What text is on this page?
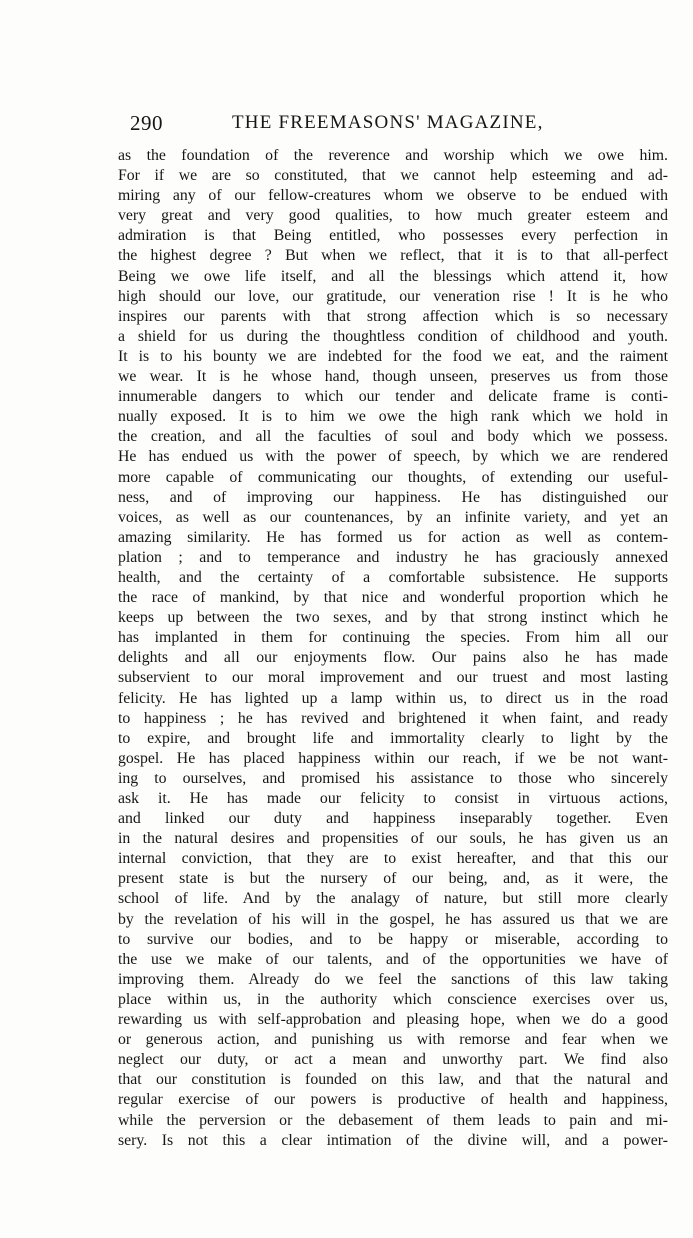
290	THE FREEMASONS' MAGAZINE,
as the foundation of the reverence and worship which we owe him.
For if we are so constituted, that we cannot help esteeming and ad-
miring any of our fellow-creatures whom we observe to be endued with
very great and very good qualities, to how much greater esteem and
admiration is that Being entitled, who possesses every perfection in
the highest degree ? But when we reflect, that it is to that all-perfect
Being we owe life itself, and all the blessings which attend it, how
high should our love, our gratitude, our veneration rise ! It is he who
inspires our parents with that strong affection which is so necessary
a shield for us during the thoughtless condition of childhood and youth.
It is to his bounty we are indebted for the food we eat, and the raiment
we wear. It is he whose hand, though unseen, preserves us from those
innumerable dangers to which our tender and delicate frame is conti-
nually exposed. It is to him we owe the high rank which we hold in
the creation, and all the faculties of soul and body which we possess.
He has endued us with the power of speech, by which we are rendered
more capable of communicating our thoughts, of extending our useful-
ness, and of improving our happiness. He has distinguished our
voices, as well as our countenances, by an infinite variety, and yet an
amazing similarity. He has formed us for action as well as contem-
plation ; and to temperance and industry he has graciously annexed
health, and the certainty of a comfortable subsistence. He supports
the race of mankind, by that nice and wonderful proportion which he
keeps up between the two sexes, and by that strong instinct which he
has implanted in them for continuing the species. From him all our
delights and all our enjoyments flow. Our pains also he has made
subservient to our moral improvement and our truest and most lasting
felicity. He has lighted up a lamp within us, to direct us in the road
to happiness ; he has revived and brightened it when faint, and ready
to expire, and brought life and immortality clearly to light by the
gospel. He has placed happiness within our reach, if we be not want-
ing to ourselves, and promised his assistance to those who sincerely
ask it. He has made our felicity to consist in virtuous actions,
and linked our duty and happiness inseparably together. Even
in the natural desires and propensities of our souls, he has given us an
internal conviction, that they are to exist hereafter, and that this our
present state is but the nursery of our being, and, as it were, the
school of life. And by the analagy of nature, but still more clearly
by the revelation of his will in the gospel, he has assured us that we are
to survive our bodies, and to be happy or miserable, according to
the use we make of our talents, and of the opportunities we have of
improving them. Already do we feel the sanctions of this law taking
place within us, in the authority which conscience exercises over us,
rewarding us with self-approbation and pleasing hope, when we do a good
or generous action, and punishing us with remorse and fear when we
neglect our duty, or act a mean and unworthy part. We find also
that our constitution is founded on this law, and that the natural and
regular exercise of our powers is productive of health and happiness,
while the perversion or the debasement of them leads to pain and mi-
sery. Is not this a clear intimation of the divine will, and a power-
